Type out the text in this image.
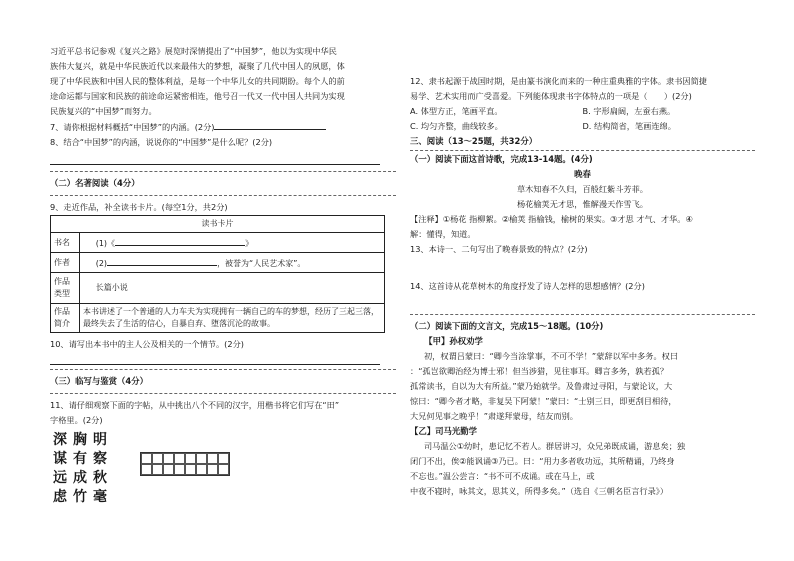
习近平总书记参观《复兴之路》展览时深情提出了“中国梦”，他以为实现中华民

族伟大复兴，就是中华民族近代以来最伟大的梦想，凝聚了几代中国人的夙愿，体

现了中华民族和中国人民的整体利益，是每一个中华儿女的共同期盼。每个人的前

途命运都与国家和民族的前途命运紧密相连，他号召一代又一代中国人共同为实现

民族复兴的“中国梦”而努力。

7、请你根据材料概括“中国梦”的内涵。(2分)

8、结合“中国梦”的内涵，说说你的“中国梦”是什么呢？(2分)

（二）名著阅读（4分）

9、走近作品，补全读书卡片。(每空1分，共2分)

读书卡片	
书名	(1)《 》
作者	(2) ，被誉为“人民艺术家”。
作品类型	长篇小说
作品简介	本书讲述了一个普通的人力车夫为实现拥有一辆自己的车的梦想，经历了三起三落，最终失去了生活的信心，自暴自弃、堕落沉沦的故事。

10、请写出本书中的主人公及相关的一个情节。(2分)

（三）临写与鉴赏（4分）

11、请仔细观察下面的字帖，从中挑出八个不同的汉字，用楷书将它们写在“田”

字格里。(2分)

深 胸 明
谋 有 察
远 成 秋
虑 竹 毫

12、隶书起源于战国时期，是由篆书演化而来的一种庄重典雅的字体。隶书因简捷

易学、艺术实用而广受喜爱。下列能体现隶书字体特点的一项是（　　）(2分)

A. 体型方正，笔画平直。	B. 字形扁阔，左蚕右燕。
C. 均匀齐整，曲线较多。	D. 结构简省，笔画连绵。

三、阅读（13～25题，共32分）

（一）阅读下面这首诗歌，完成13-14题。(4分)

晚春

草木知春不久归，百般红紫斗芳菲。

杨花榆荚无才思，惟解漫天作雪飞。

【注释】①杨花 指柳絮。②榆荚 指榆钱，榆树的果实。③才思 才气、才华。④

解：懂得，知道。

13、本诗一、二句写出了晚春景致的特点？(2分)

14、这首诗从花草树木的角度抒发了诗人怎样的思想感情？(2分)

（二）阅读下面的文言文，完成15～18题。(10分)

【甲】孙权劝学

初，权谓吕蒙曰：“卿今当涂掌事，不可不学！”蒙辞以军中多务。权曰

：“孤岂欲卿治经为博士邪！但当涉猎，见往事耳。卿言多务，孰若孤？

孤常读书，自以为大有所益。”蒙乃始就学。及鲁肃过寻阳，与蒙论议，大

惊曰：“卿今者才略，非复吴下阿蒙！”蒙曰：“士别三日，即更刮目相待，

大兄何见事之晚乎！”肃遂拜蒙母，结友而别。

【乙】司马光勤学

司马温公①幼时，患记忆不若人。群居讲习，众兄弟既成诵，游息矣；独

闭门不出，俟②能讽诵③乃已。曰：“用力多者收功远，其所精诵，乃终身

不忘也。”温公尝言：“书不可不成诵。或在马上，或

中夜不寝时，咏其文，思其义，所得多矣。”（选自《三朝名臣言行录》）
